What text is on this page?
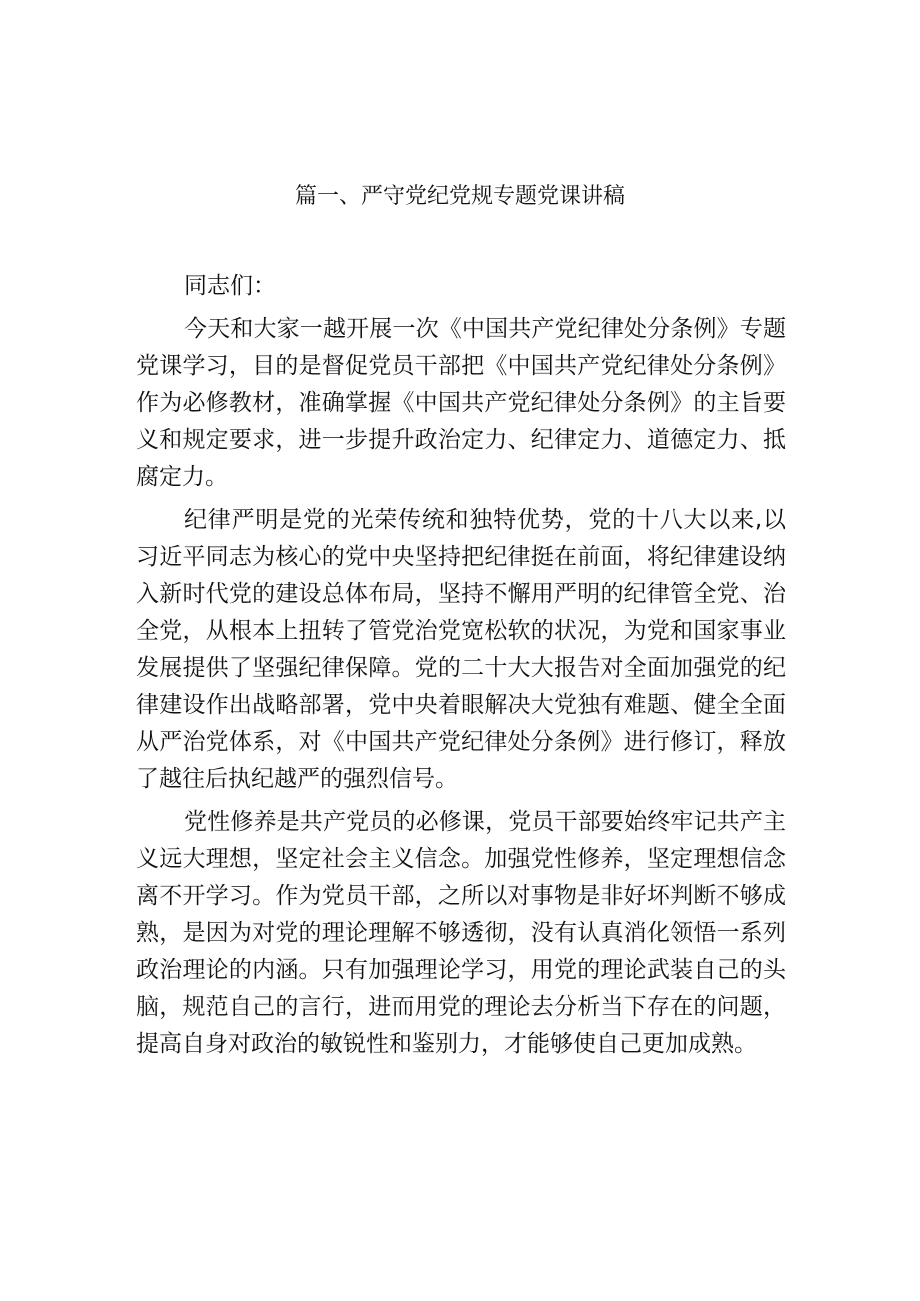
篇一、严守党纪党规专题党课讲稿

同志们：

今天和大家一越开展一次《中国共产党纪律处分条例》专题党课学习，目的是督促党员干部把《中国共产党纪律处分条例》作为必修教材，准确掌握《中国共产党纪律处分条例》的主旨要义和规定要求，进一步提升政治定力、纪律定力、道德定力、抵腐定力。

纪律严明是党的光荣传统和独特优势，党的十八大以来,以习近平同志为核心的党中央坚持把纪律挺在前面，将纪律建设纳入新时代党的建设总体布局，坚持不懈用严明的纪律管全党、治全党，从根本上扭转了管党治党宽松软的状况，为党和国家事业发展提供了坚强纪律保障。党的二十大大报告对全面加强党的纪律建设作出战略部署，党中央着眼解决大党独有难题、健全全面从严治党体系，对《中国共产党纪律处分条例》进行修订，释放了越往后执纪越严的强烈信号。

党性修养是共产党员的必修课，党员干部要始终牢记共产主义远大理想，坚定社会主义信念。加强党性修养，坚定理想信念离不开学习。作为党员干部，之所以对事物是非好坏判断不够成熟，是因为对党的理论理解不够透彻，没有认真消化领悟一系列政治理论的内涵。只有加强理论学习，用党的理论武装自己的头脑，规范自己的言行，进而用党的理论去分析当下存在的问题，提高自身对政治的敏锐性和鉴别力，才能够使自己更加成熟。
